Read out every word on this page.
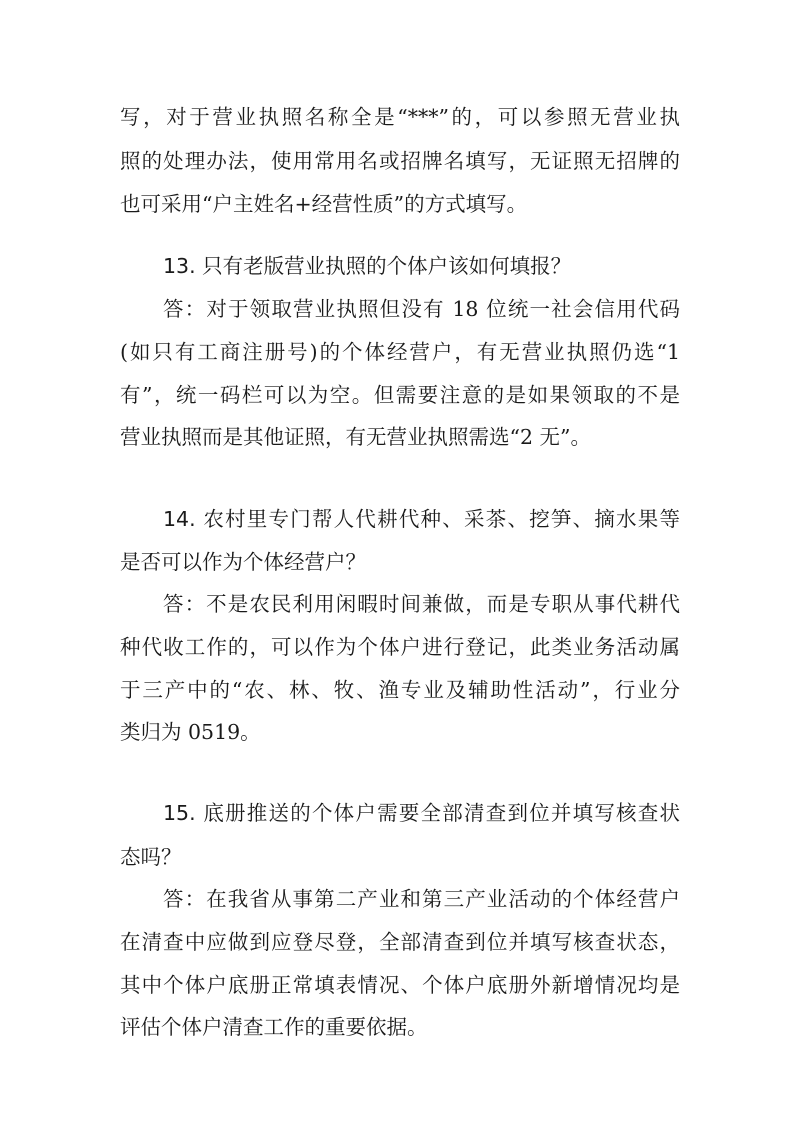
写，对于营业执照名称全是“***”的，可以参照无营业执
照的处理办法，使用常用名或招牌名填写，无证照无招牌的
也可采用“户主姓名+经营性质”的方式填写。
13. 只有老版营业执照的个体户该如何填报？
答：对于领取营业执照但没有 18 位统一社会信用代码
(如只有工商注册号)的个体经营户，有无营业执照仍选“1
有”，统一码栏可以为空。但需要注意的是如果领取的不是
营业执照而是其他证照，有无营业执照需选“2 无”。
14. 农村里专门帮人代耕代种、采茶、挖笋、摘水果等
是否可以作为个体经营户？
答：不是农民利用闲暇时间兼做，而是专职从事代耕代
种代收工作的，可以作为个体户进行登记，此类业务活动属
于三产中的“农、林、牧、渔专业及辅助性活动”，行业分
类归为 0519。
15. 底册推送的个体户需要全部清查到位并填写核查状
态吗？
答：在我省从事第二产业和第三产业活动的个体经营户
在清查中应做到应登尽登，全部清查到位并填写核查状态，
其中个体户底册正常填表情况、个体户底册外新增情况均是
评估个体户清查工作的重要依据。
